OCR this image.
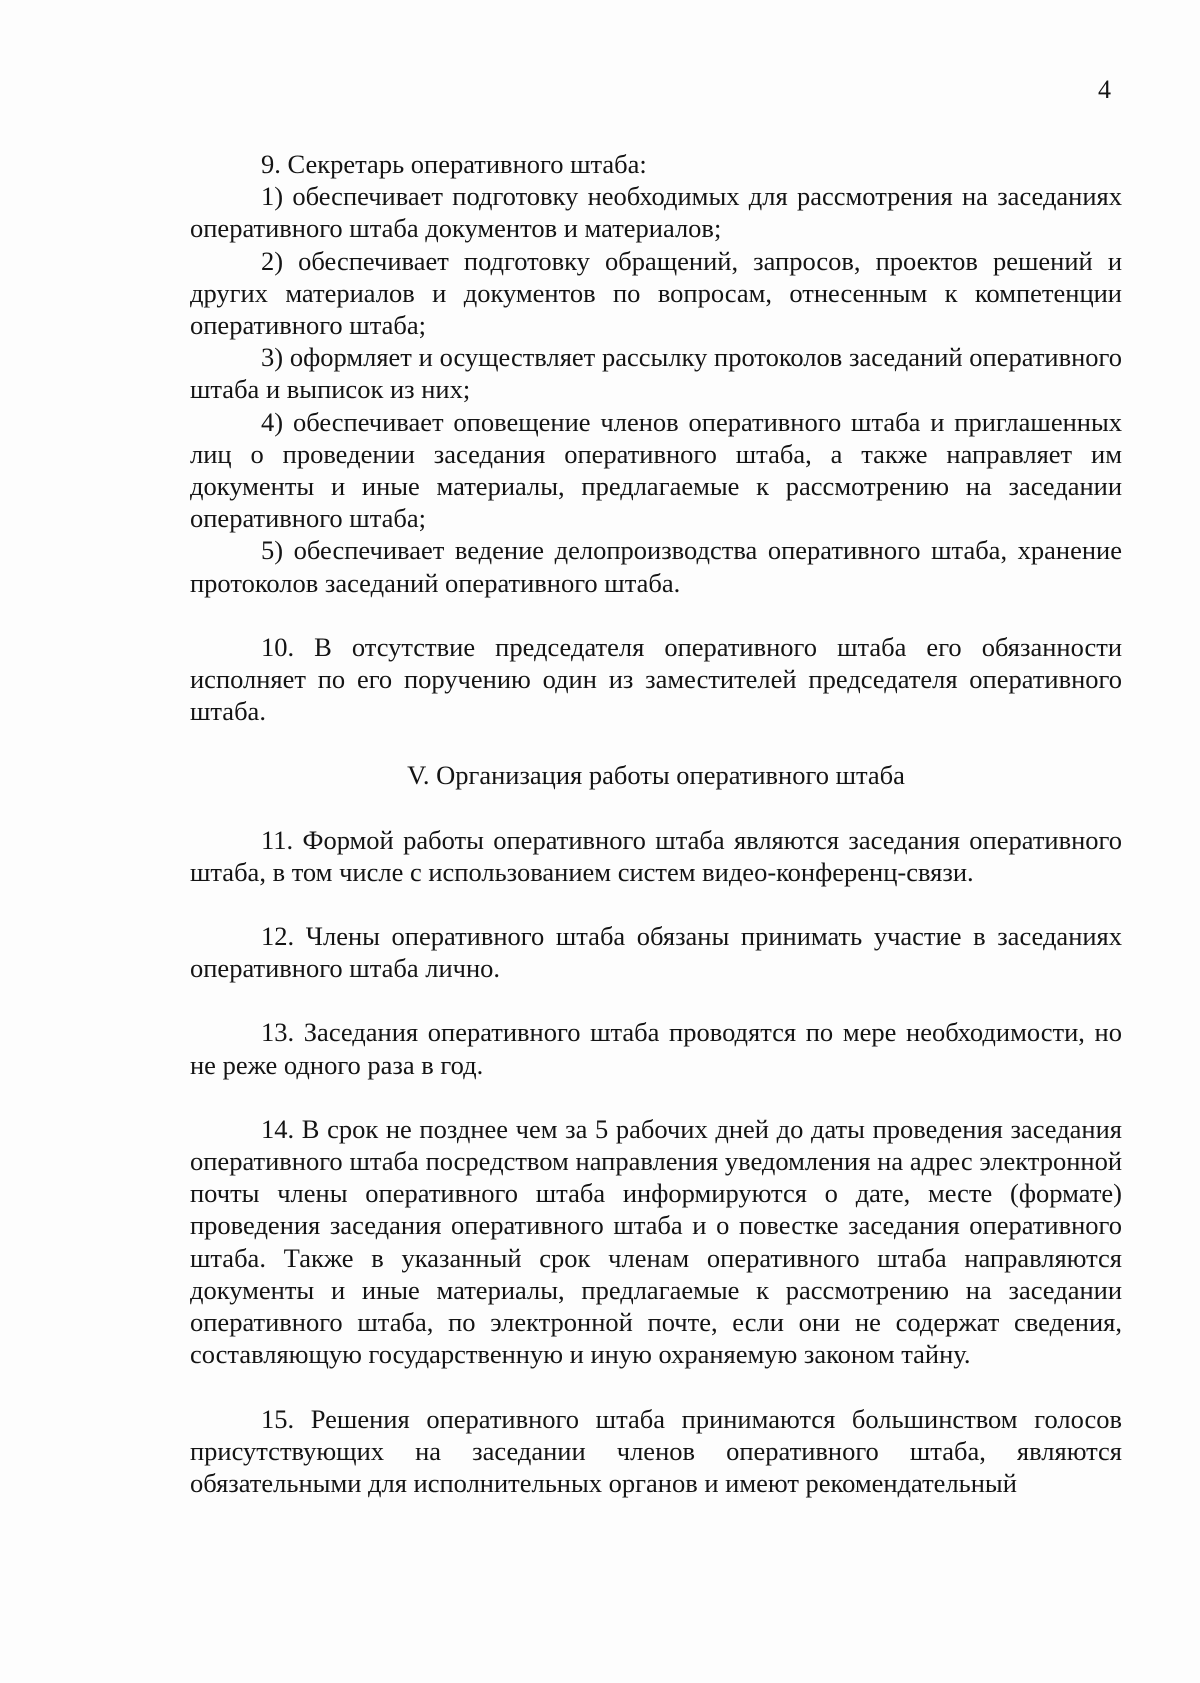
4

9. Секретарь оперативного штаба:

1) обеспечивает подготовку необходимых для рассмотрения на заседаниях оперативного штаба документов и материалов;

2) обеспечивает подготовку обращений, запросов, проектов решений и других материалов и документов по вопросам, отнесенным к компетенции оперативного штаба;

3) оформляет и осуществляет рассылку протоколов заседаний оперативного штаба и выписок из них;

4) обеспечивает оповещение членов оперативного штаба и приглашенных лиц о проведении заседания оперативного штаба, а также направляет им документы и иные материалы, предлагаемые к рассмотрению на заседании оперативного штаба;

5) обеспечивает ведение делопроизводства оперативного штаба, хранение протоколов заседаний оперативного штаба.

10. В отсутствие председателя оперативного штаба его обязанности исполняет по его поручению один из заместителей председателя оперативного штаба.

V. Организация работы оперативного штаба

11. Формой работы оперативного штаба являются заседания оперативного штаба, в том числе с использованием систем видео-конференц-связи.

12. Члены оперативного штаба обязаны принимать участие в заседаниях оперативного штаба лично.

13. Заседания оперативного штаба проводятся по мере необходимости, но не реже одного раза в год.

14. В срок не позднее чем за 5 рабочих дней до даты проведения заседания оперативного штаба посредством направления уведомления на адрес электронной почты члены оперативного штаба информируются о дате, месте (формате) проведения заседания оперативного штаба и о повестке заседания оперативного штаба. Также в указанный срок членам оперативного штаба направляются документы и иные материалы, предлагаемые к рассмотрению на заседании оперативного штаба, по электронной почте, если они не содержат сведения, составляющую государственную и иную охраняемую законом тайну.

15. Решения оперативного штаба принимаются большинством голосов присутствующих на заседании членов оперативного штаба, являются обязательными для исполнительных органов и имеют рекомендательный
